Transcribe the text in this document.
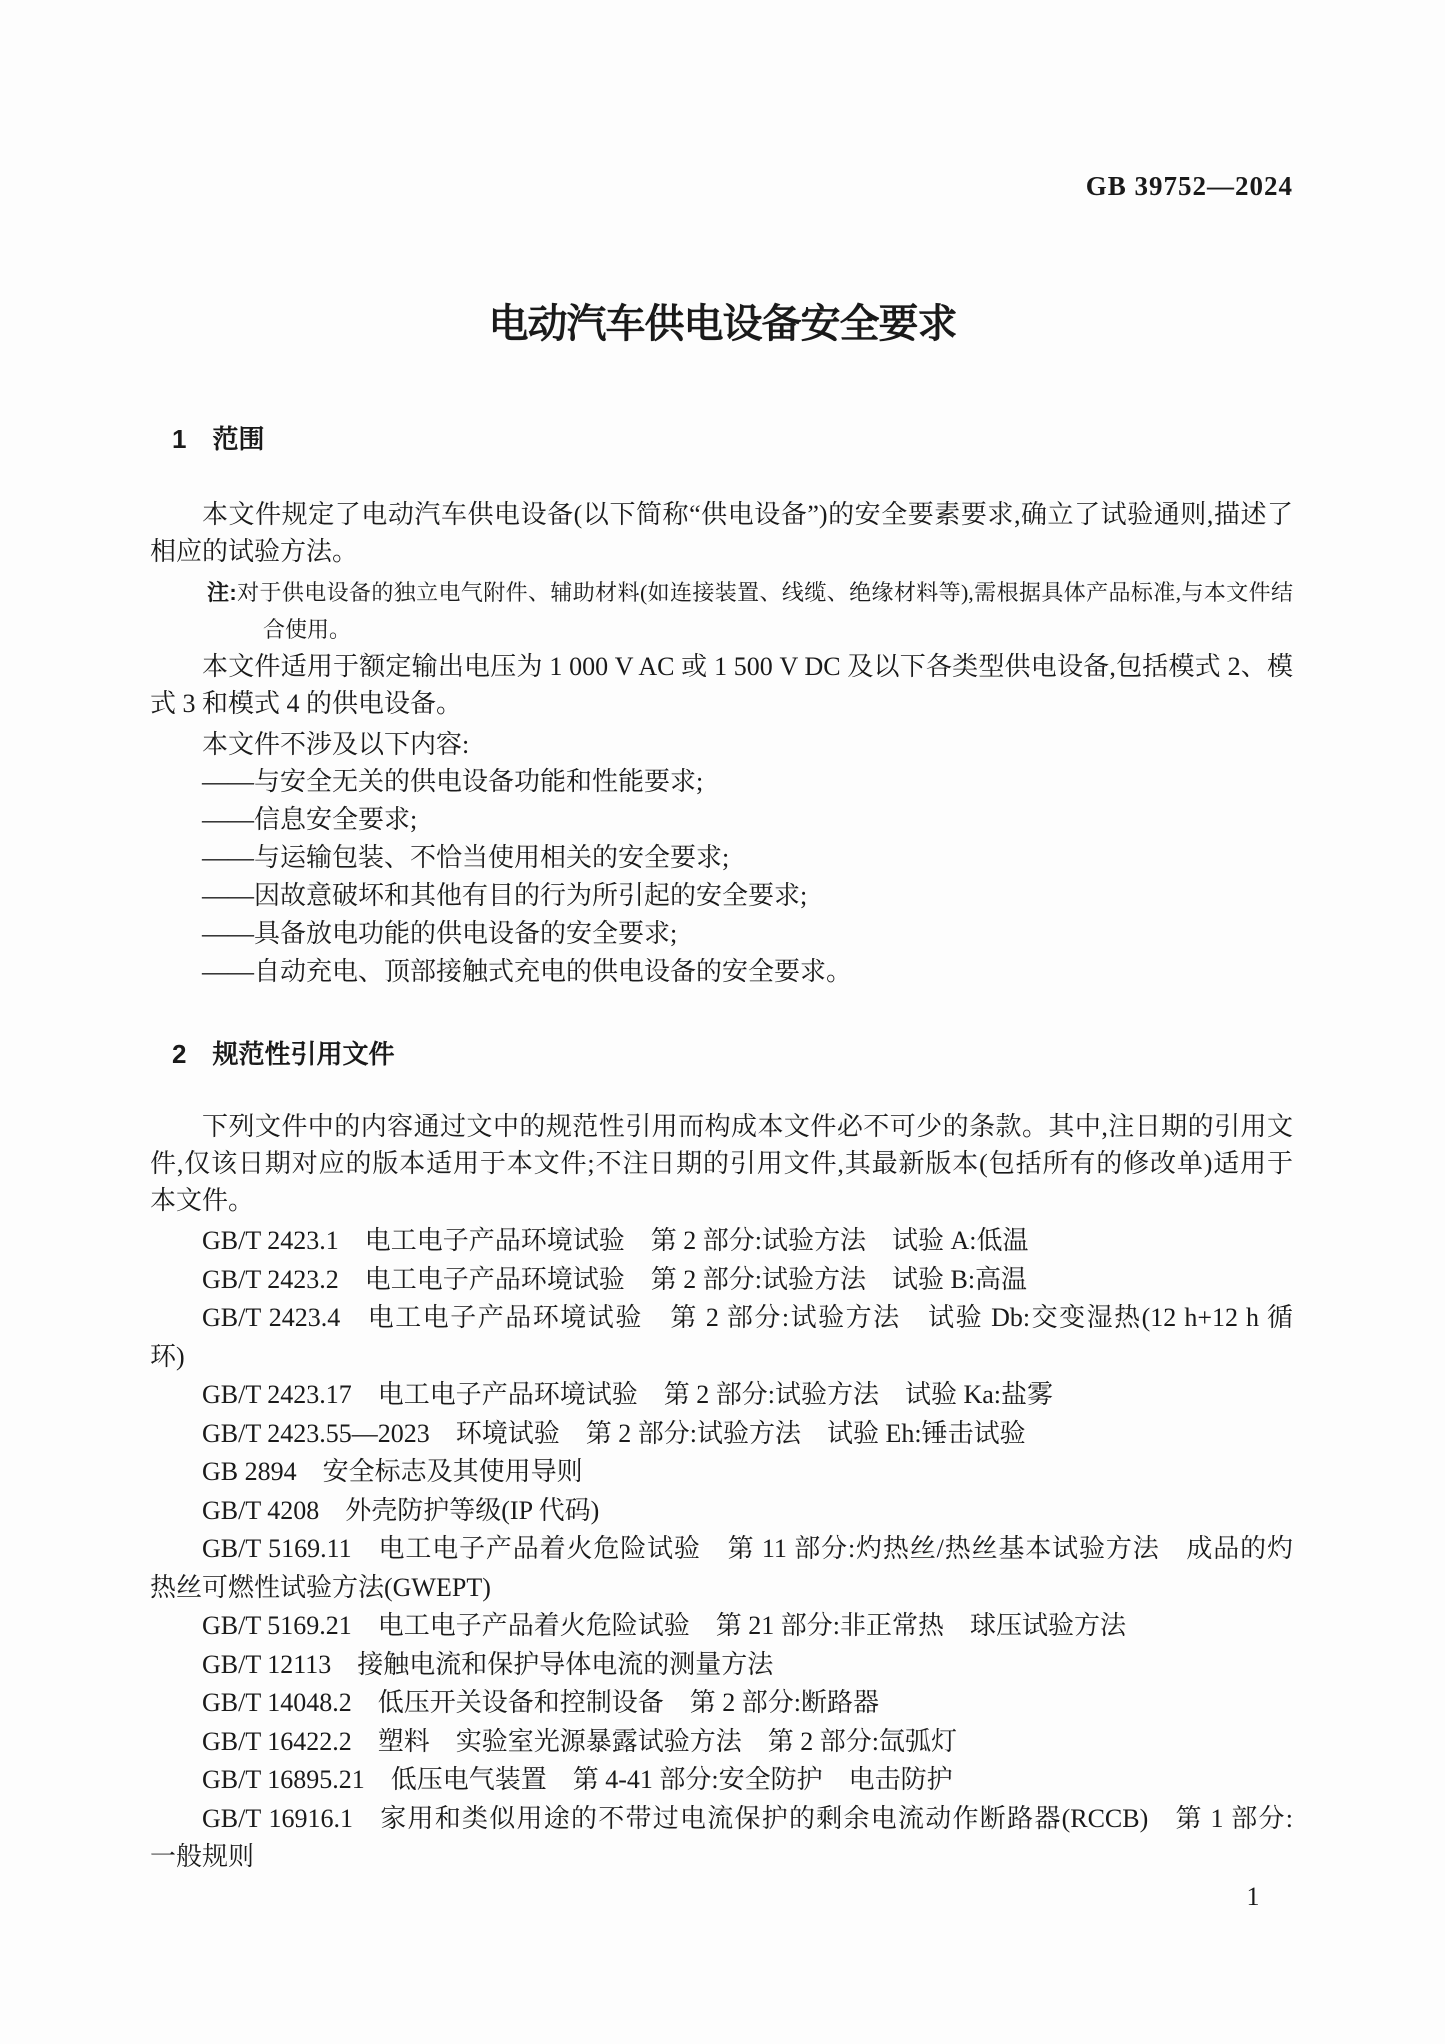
GB 39752—2024
电动汽车供电设备安全要求
1 范围
本文件规定了电动汽车供电设备(以下简称“供电设备”)的安全要素要求,确立了试验通则,描述了
相应的试验方法。
注:对于供电设备的独立电气附件、辅助材料(如连接装置、线缆、绝缘材料等),需根据具体产品标准,与本文件结
合使用。
本文件适用于额定输出电压为 1 000 V AC 或 1 500 V DC 及以下各类型供电设备,包括模式 2、模
式 3 和模式 4 的供电设备。
本文件不涉及以下内容:
——与安全无关的供电设备功能和性能要求;
——信息安全要求;
——与运输包装、不恰当使用相关的安全要求;
——因故意破坏和其他有目的行为所引起的安全要求;
——具备放电功能的供电设备的安全要求;
——自动充电、顶部接触式充电的供电设备的安全要求。
2 规范性引用文件
下列文件中的内容通过文中的规范性引用而构成本文件必不可少的条款。其中,注日期的引用文
件,仅该日期对应的版本适用于本文件;不注日期的引用文件,其最新版本(包括所有的修改单)适用于
本文件。
GB/T 2423.1 电工电子产品环境试验 第 2 部分:试验方法 试验 A:低温
GB/T 2423.2 电工电子产品环境试验 第 2 部分:试验方法 试验 B:高温
GB/T 2423.4 电工电子产品环境试验 第 2 部分:试验方法 试验 Db:交变湿热(12 h+12 h 循
环)
GB/T 2423.17 电工电子产品环境试验 第 2 部分:试验方法 试验 Ka:盐雾
GB/T 2423.55—2023 环境试验 第 2 部分:试验方法 试验 Eh:锤击试验
GB 2894 安全标志及其使用导则
GB/T 4208 外壳防护等级(IP 代码)
GB/T 5169.11 电工电子产品着火危险试验 第 11 部分:灼热丝/热丝基本试验方法 成品的灼
热丝可燃性试验方法(GWEPT)
GB/T 5169.21 电工电子产品着火危险试验 第 21 部分:非正常热 球压试验方法
GB/T 12113 接触电流和保护导体电流的测量方法
GB/T 14048.2 低压开关设备和控制设备 第 2 部分:断路器
GB/T 16422.2 塑料 实验室光源暴露试验方法 第 2 部分:氙弧灯
GB/T 16895.21 低压电气装置 第 4-41 部分:安全防护 电击防护
GB/T 16916.1 家用和类似用途的不带过电流保护的剩余电流动作断路器(RCCB) 第 1 部分:
一般规则
1
